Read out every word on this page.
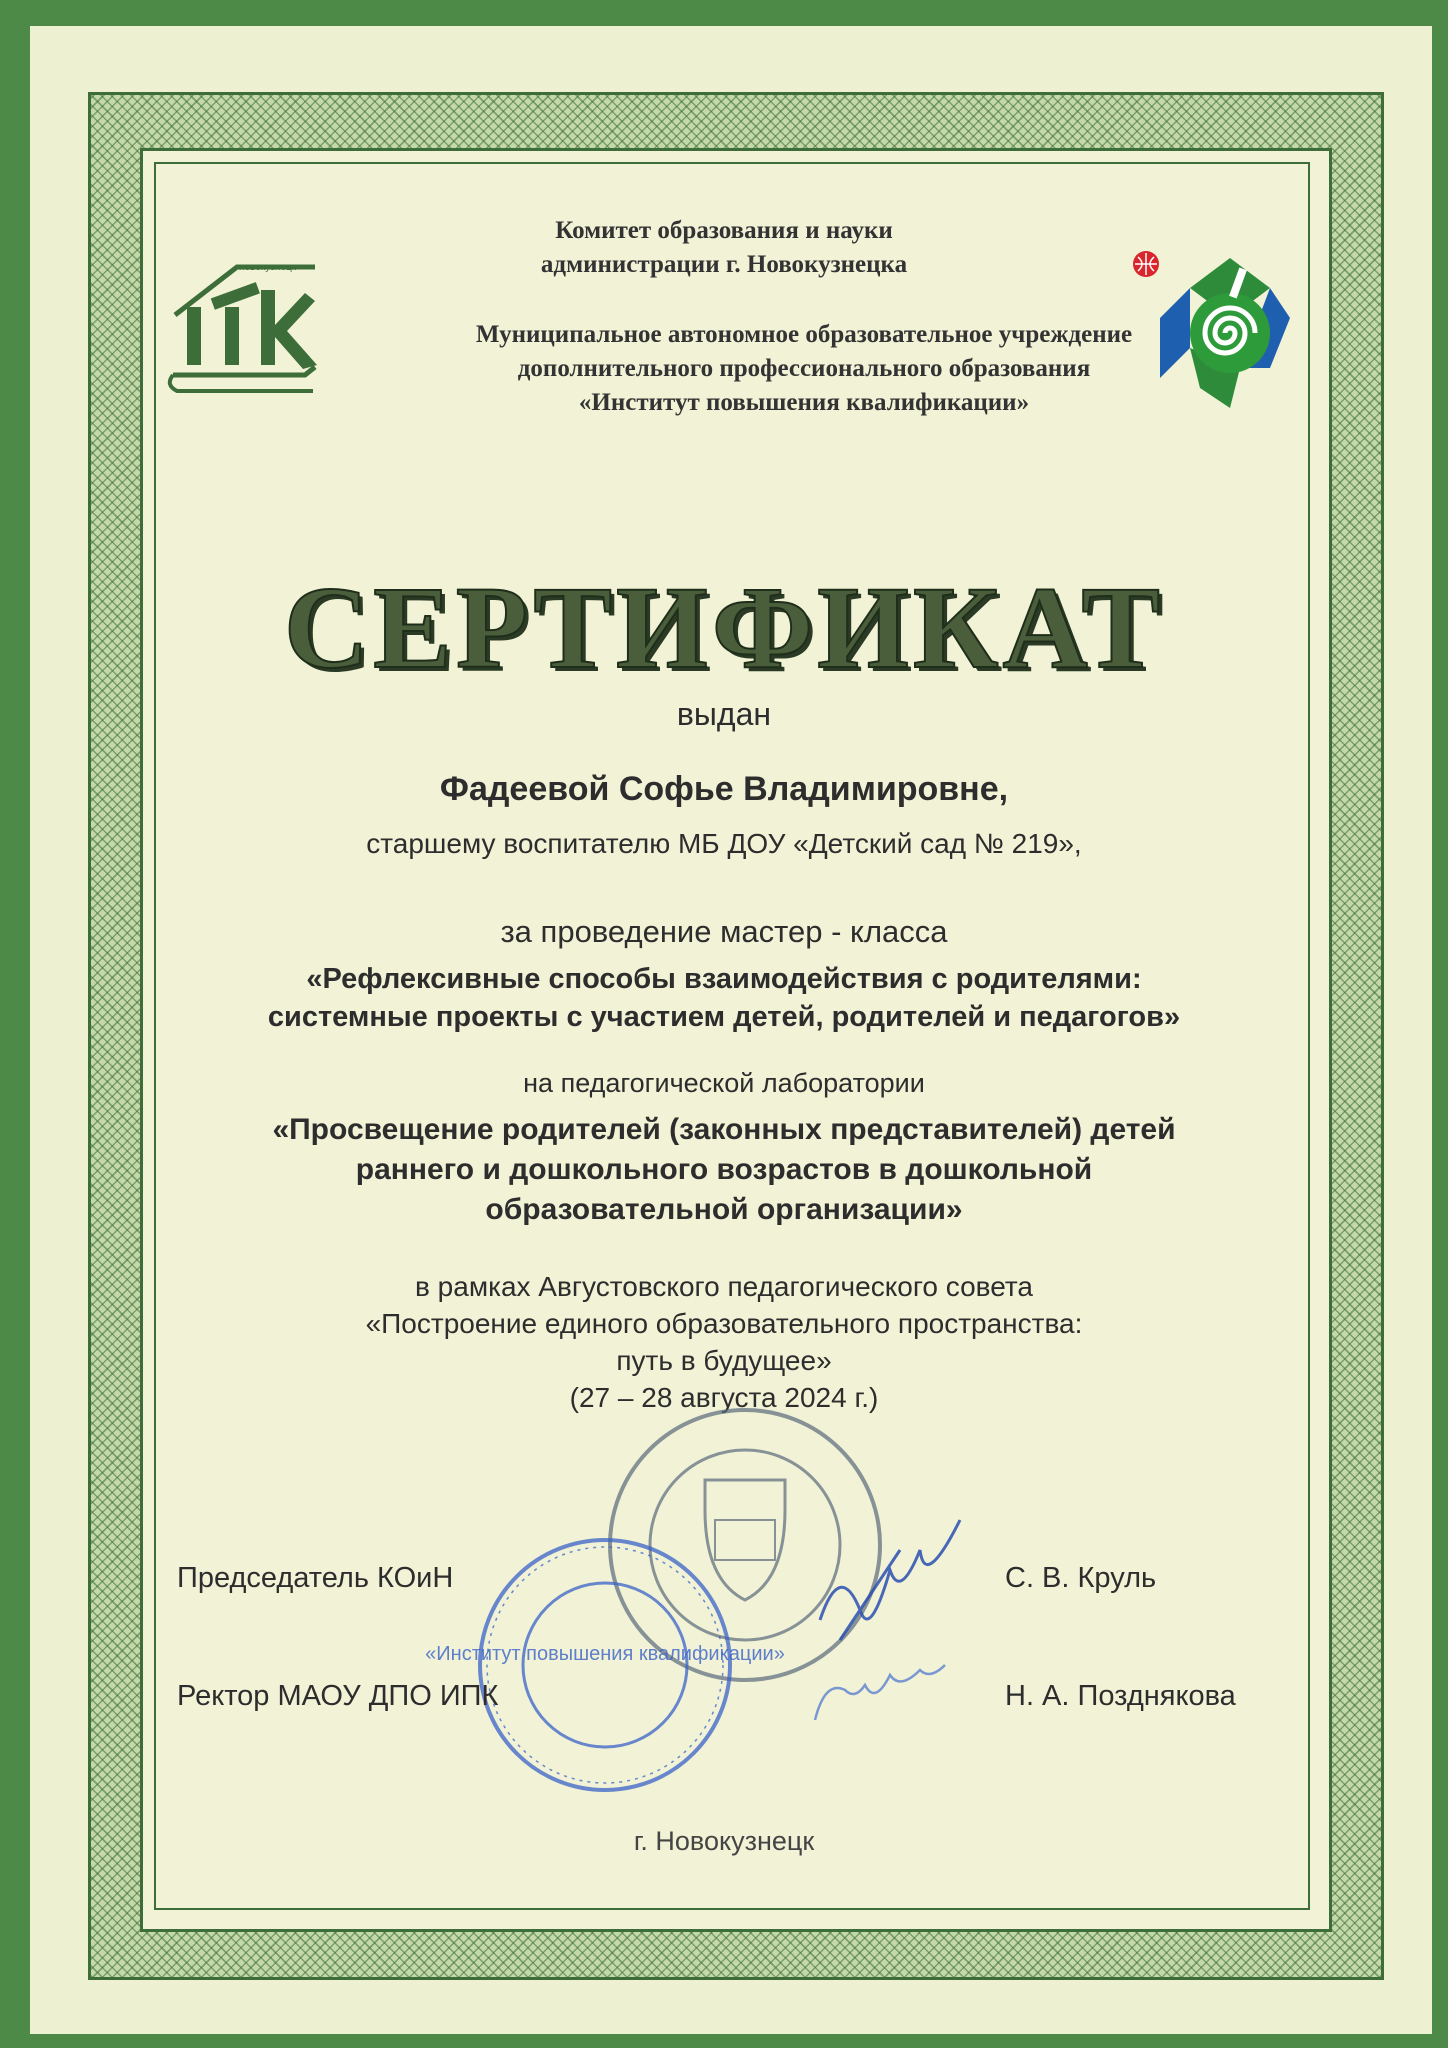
новокузнецк
Комитет образования и науки
администрации г. Новокузнецка
Муниципальное автономное образовательное учреждение
дополнительного профессионального образования
«Институт повышения квалификации»
СЕРТИФИКАТ
выдан
Фадеевой Софье Владимировне,
старшему воспитателю МБ ДОУ «Детский сад № 219»,
за проведение мастер - класса
«Рефлексивные способы взаимодействия с родителями:
системные проекты с участием детей, родителей и педагогов»
на педагогической лаборатории
«Просвещение родителей (законных представителей) детей
раннего и дошкольного возрастов в дошкольной
образовательной организации»
в рамках Августовского педагогического совета
«Построение единого образовательного пространства:
путь в будущее»
(27 – 28 августа 2024 г.)
«Институт повышения квалификации»
Председатель КОиН	С. В. Круль
Ректор МАОУ ДПО ИПК	Н. А. Позднякова
г. Новокузнецк
